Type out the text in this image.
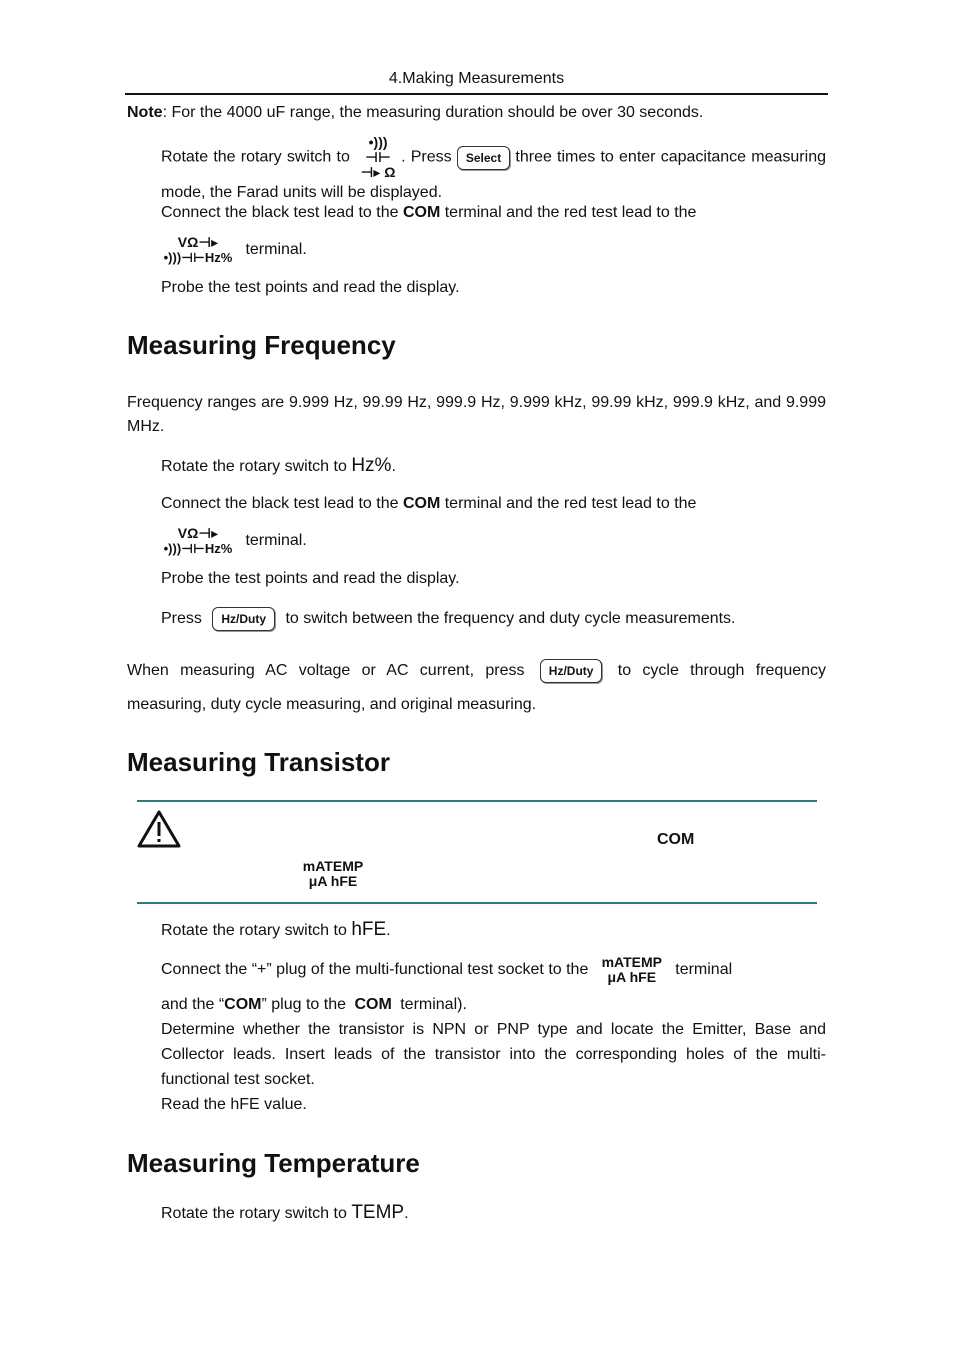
4.Making Measurements
Note: For the 4000 uF range, the measuring duration should be over 30 seconds.
Rotate the rotary switch to •))) ⊣⊢
⊣▸ Ω. Press Select three times to enter capacitance measuring mode, the Farad units will be displayed.
Connect the black test lead to the COM terminal and the red test lead to the
VΩ⊣▸
•)))⊣⊢Hz% terminal.
Probe the test points and read the display.
Measuring Frequency
Frequency ranges are 9.999 Hz, 99.99 Hz, 999.9 Hz, 9.999 kHz, 99.99 kHz, 999.9 kHz, and 9.999 MHz.
Rotate the rotary switch to Hz%.
Connect the black test lead to the COM terminal and the red test lead to the
VΩ⊣▸
•)))⊣⊢Hz% terminal.
Probe the test points and read the display.
Press Hz/Duty to switch between the frequency and duty cycle measurements.
When measuring AC voltage or AC current, press Hz/Duty to cycle through frequency measuring, duty cycle measuring, and original measuring.
Measuring Transistor
COM
mATEMP
μA hFE
Rotate the rotary switch to hFE.
Connect the “+” plug of the multi-functional test socket to the mATEMP
μA hFE terminal
and the “COM” plug to the COM terminal).
Determine whether the transistor is NPN or PNP type and locate the Emitter, Base and Collector leads. Insert leads of the transistor into the corresponding holes of the multi-functional test socket.
Read the hFE value.
Measuring Temperature
Rotate the rotary switch to TEMP.
